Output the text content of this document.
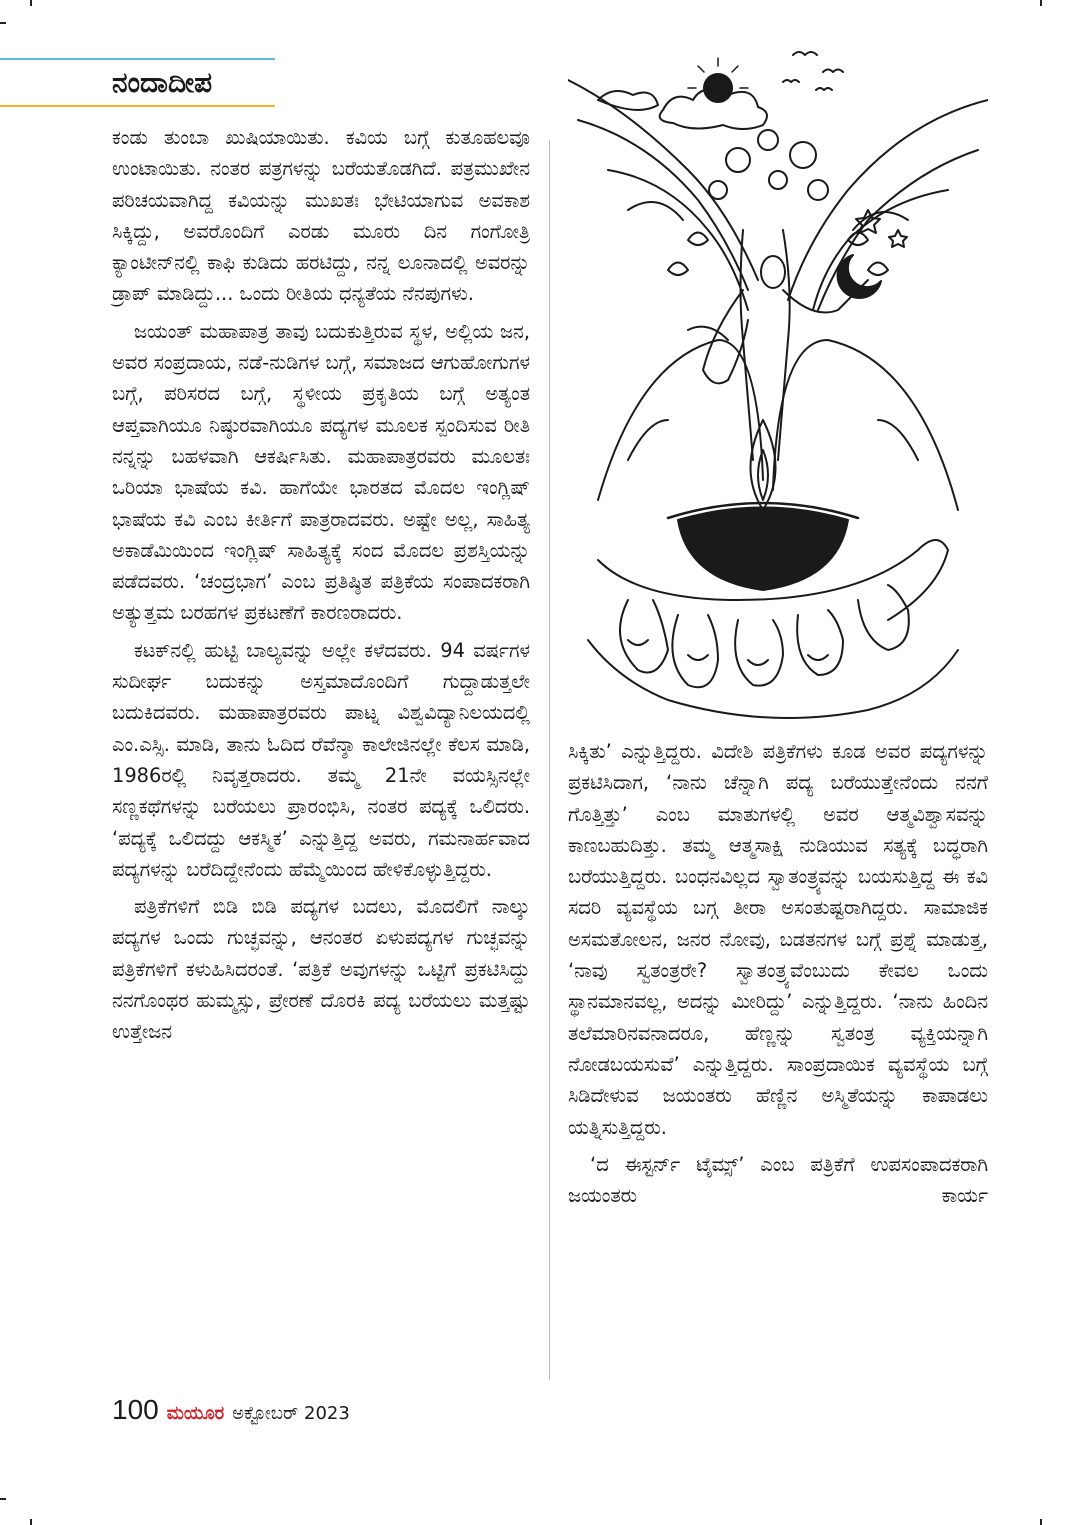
ನಂದಾದೀಪ

ಕಂಡು ತುಂಬಾ ಖುಷಿಯಾಯಿತು. ಕವಿಯ ಬಗ್ಗೆ ಕುತೂಹಲವೂ ಉಂಟಾಯಿತು. ನಂತರ ಪತ್ರಗಳನ್ನು ಬರೆಯತೊಡಗಿದೆ. ಪತ್ರಮುಖೇನ ಪರಿಚಯವಾಗಿದ್ದ ಕವಿಯನ್ನು ಮುಖತಃ ಭೇಟಿಯಾಗುವ ಅವಕಾಶ ಸಿಕ್ಕಿದ್ದು, ಅವರೊಂದಿಗೆ ಎರಡು ಮೂರು ದಿನ ಗಂಗೋತ್ರಿ ಕ್ಯಾಂಟೀನ್‌ನಲ್ಲಿ ಕಾಫಿ ಕುಡಿದು ಹರಟಿದ್ದು, ನನ್ನ ಲೂನಾದಲ್ಲಿ ಅವರನ್ನು ಡ್ರಾಪ್ ಮಾಡಿದ್ದು... ಒಂದು ರೀತಿಯ ಧನ್ಯತೆಯ ನೆನಪುಗಳು.

ಜಯಂತ್ ಮಹಾಪಾತ್ರ ತಾವು ಬದುಕುತ್ತಿರುವ ಸ್ಥಳ, ಅಲ್ಲಿಯ ಜನ, ಅವರ ಸಂಪ್ರದಾಯ, ನಡೆ-ನುಡಿಗಳ ಬಗ್ಗೆ, ಸಮಾಜದ ಆಗುಹೋಗುಗಳ ಬಗ್ಗೆ, ಪರಿಸರದ ಬಗ್ಗೆ, ಸ್ಥಳೀಯ ಪ್ರಕೃತಿಯ ಬಗ್ಗೆ ಅತ್ಯಂತ ಆಪ್ತವಾಗಿಯೂ ನಿಷ್ಠುರವಾಗಿಯೂ ಪದ್ಯಗಳ ಮೂಲಕ ಸ್ಪಂದಿಸುವ ರೀತಿ ನನ್ನನ್ನು ಬಹಳವಾಗಿ ಆಕರ್ಷಿಸಿತು. ಮಹಾಪಾತ್ರರವರು ಮೂಲತಃ ಒರಿಯಾ ಭಾಷೆಯ ಕವಿ. ಹಾಗೆಯೇ ಭಾರತದ ಮೊದಲ ಇಂಗ್ಲಿಷ್ ಭಾಷೆಯ ಕವಿ ಎಂಬ ಕೀರ್ತಿಗೆ ಪಾತ್ರರಾದವರು. ಅಷ್ಟೇ ಅಲ್ಲ, ಸಾಹಿತ್ಯ ಅಕಾಡೆಮಿಯಿಂದ ಇಂಗ್ಲಿಷ್ ಸಾಹಿತ್ಯಕ್ಕೆ ಸಂದ ಮೊದಲ ಪ್ರಶಸ್ತಿಯನ್ನು ಪಡೆದವರು. ‘ಚಂದ್ರಭಾಗ’ ಎಂಬ ಪ್ರತಿಷ್ಠಿತ ಪತ್ರಿಕೆಯ ಸಂಪಾದಕರಾಗಿ ಅತ್ಯುತ್ತಮ ಬರಹಗಳ ಪ್ರಕಟಣೆಗೆ ಕಾರಣರಾದರು.

ಕಟಕ್‌ನಲ್ಲಿ ಹುಟ್ಟಿ ಬಾಲ್ಯವನ್ನು ಅಲ್ಲೇ ಕಳೆದವರು. 94 ವರ್ಷಗಳ ಸುದೀರ್ಘ ಬದುಕನ್ನು ಅಸ್ತಮಾದೊಂದಿಗೆ ಗುದ್ದಾಡುತ್ತಲೇ ಬದುಕಿದವರು. ಮಹಾಪಾತ್ರರವರು ಪಾಟ್ನ ವಿಶ್ವವಿದ್ಯಾನಿಲಯದಲ್ಲಿ ಎಂ.ಎಸ್ಸಿ. ಮಾಡಿ, ತಾನು ಓದಿದ ರೆವೆನ್ಶಾ ಕಾಲೇಜಿನಲ್ಲೇ ಕೆಲಸ ಮಾಡಿ, 1986ರಲ್ಲಿ ನಿವೃತ್ತರಾದರು. ತಮ್ಮ 21ನೇ ವಯಸ್ಸಿನಲ್ಲೇ ಸಣ್ಣಕಥೆಗಳನ್ನು ಬರೆಯಲು ಪ್ರಾರಂಭಿಸಿ, ನಂತರ ಪದ್ಯಕ್ಕೆ ಒಲಿದರು. ‘ಪದ್ಯಕ್ಕೆ ಒಲಿದದ್ದು ಆಕಸ್ಮಿಕ’ ಎನ್ನುತ್ತಿದ್ದ ಅವರು, ಗಮನಾರ್ಹವಾದ ಪದ್ಯಗಳನ್ನು ಬರೆದಿದ್ದೇನೆಂದು ಹೆಮ್ಮೆಯಿಂದ ಹೇಳಿಕೊಳ್ಳುತ್ತಿದ್ದರು.

ಪತ್ರಿಕೆಗಳಿಗೆ ಬಿಡಿ ಬಿಡಿ ಪದ್ಯಗಳ ಬದಲು, ಮೊದಲಿಗೆ ನಾಲ್ಕು ಪದ್ಯಗಳ ಒಂದು ಗುಚ್ಛವನ್ನು, ಆನಂತರ ಏಳುಪದ್ಯಗಳ ಗುಚ್ಛವನ್ನು ಪತ್ರಿಕೆಗಳಿಗೆ ಕಳುಹಿಸಿದರಂತೆ. ‘ಪತ್ರಿಕೆ ಅವುಗಳನ್ನು ಒಟ್ಟಿಗೆ ಪ್ರಕಟಿಸಿದ್ದು ನನಗೊಂಥರ ಹುಮ್ಮಸ್ಸು, ಪ್ರೇರಣೆ ದೊರಕಿ ಪದ್ಯ ಬರೆಯಲು ಮತ್ತಷ್ಟು ಉತ್ತೇಜನ

ಸಿಕ್ಕಿತು’ ಎನ್ನುತ್ತಿದ್ದರು. ವಿದೇಶಿ ಪತ್ರಿಕೆಗಳು ಕೂಡ ಅವರ ಪದ್ಯಗಳನ್ನು ಪ್ರಕಟಿಸಿದಾಗ, ‘ನಾನು ಚೆನ್ನಾಗಿ ಪದ್ಯ ಬರೆಯುತ್ತೇನೆಂದು ನನಗೆ ಗೊತ್ತಿತ್ತು’ ಎಂಬ ಮಾತುಗಳಲ್ಲಿ ಅವರ ಆತ್ಮವಿಶ್ವಾಸವನ್ನು ಕಾಣಬಹುದಿತ್ತು. ತಮ್ಮ ಆತ್ಮಸಾಕ್ಷಿ ನುಡಿಯುವ ಸತ್ಯಕ್ಕೆ ಬದ್ಧರಾಗಿ ಬರೆಯುತ್ತಿದ್ದರು. ಬಂಧನವಿಲ್ಲದ ಸ್ವಾತಂತ್ರ್ಯವನ್ನು ಬಯಸುತ್ತಿದ್ದ ಈ ಕವಿ ಸದರಿ ವ್ಯವಸ್ಥೆಯ ಬಗ್ಗ ತೀರಾ ಅಸಂತುಷ್ಟರಾಗಿದ್ದರು. ಸಾಮಾಜಿಕ ಅಸಮತೋಲನ, ಜನರ ನೋವು, ಬಡತನಗಳ ಬಗ್ಗೆ ಪ್ರಶ್ನೆ ಮಾಡುತ್ತ, ‘ನಾವು ಸ್ವತಂತ್ರರೇ? ಸ್ವಾತಂತ್ರ್ಯವೆಂಬುದು ಕೇವಲ ಒಂದು ಸ್ಥಾನಮಾನವಲ್ಲ, ಅದನ್ನು ಮೀರಿದ್ದು’ ಎನ್ನುತ್ತಿದ್ದರು. ‘ನಾನು ಹಿಂದಿನ ತಲೆಮಾರಿನವನಾದರೂ, ಹೆಣ್ಣನ್ನು ಸ್ವತಂತ್ರ ವ್ಯಕ್ತಿಯನ್ನಾಗಿ ನೋಡಬಯಸುವೆ’ ಎನ್ನುತ್ತಿದ್ದರು. ಸಾಂಪ್ರದಾಯಿಕ ವ್ಯವಸ್ಥೆಯ ಬಗ್ಗೆ ಸಿಡಿದೇಳುವ ಜಯಂತರು ಹೆಣ್ಣಿನ ಅಸ್ಮಿತೆಯನ್ನು ಕಾಪಾಡಲು ಯತ್ನಿಸುತ್ತಿದ್ದರು.

‘ದ ಈಸ್ಟರ್ನ್ ಟೈಮ್ಸ್’ ಎಂಬ ಪತ್ರಿಕೆಗೆ ಉಪಸಂಪಾದಕರಾಗಿ ಜಯಂತರು ಕಾರ್ಯ

100 ಮಯೂರ ಅಕ್ಟೋಬರ್ 2023
